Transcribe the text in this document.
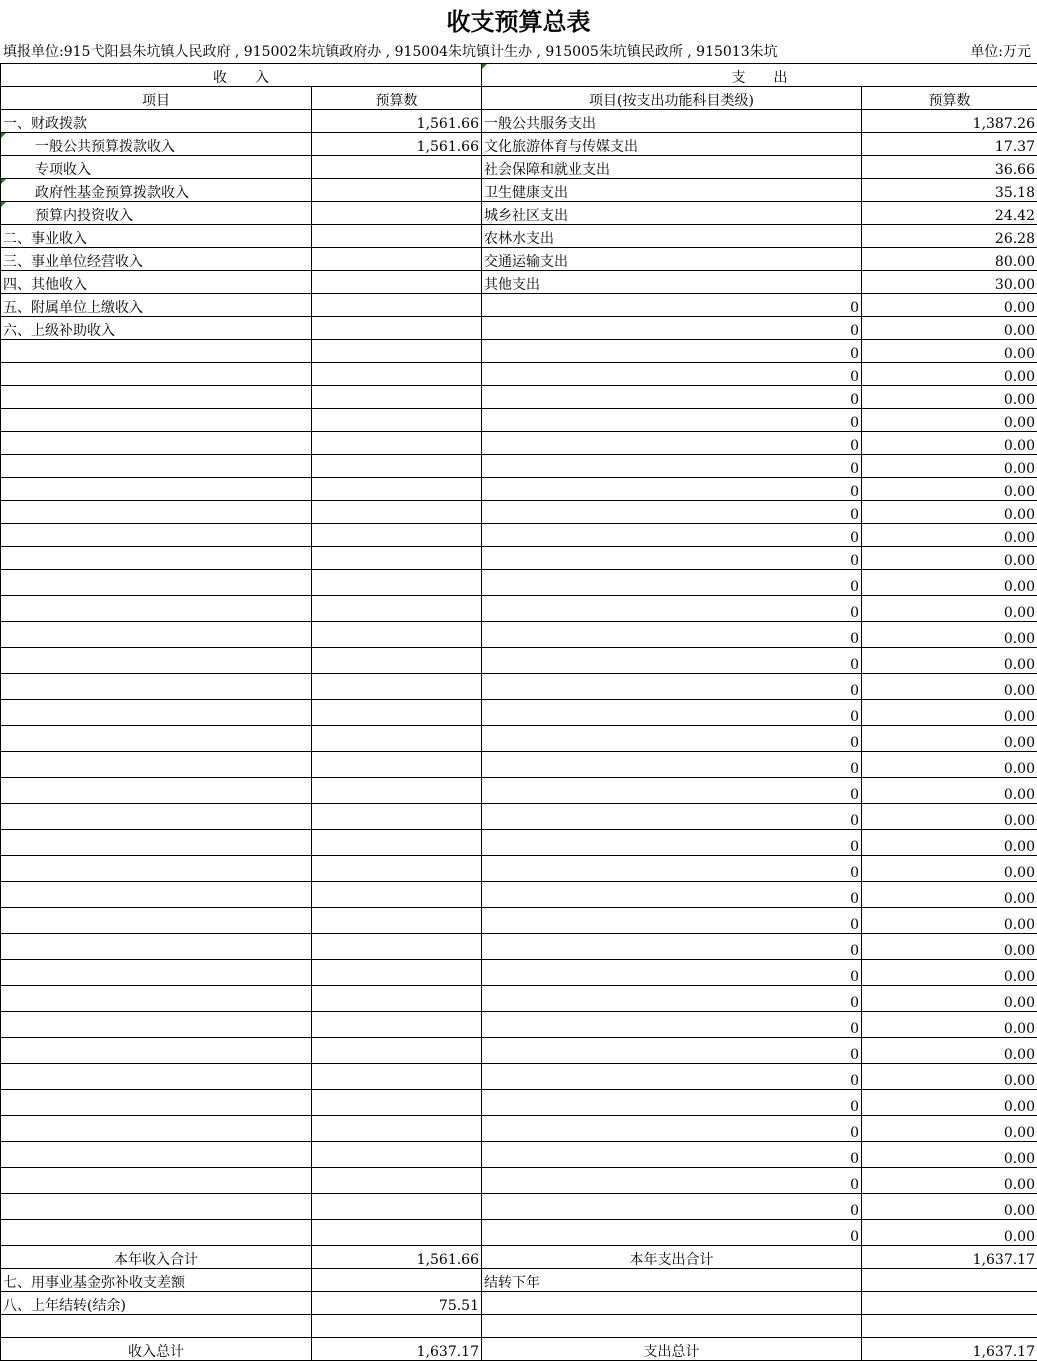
收支预算总表
填报单位:915弋阳县朱坑镇人民政府 , 915002朱坑镇政府办 , 915004朱坑镇计生办 , 915005朱坑镇民政所 , 915013朱坑	单位:万元
收　　入		支　　出	
项目	预算数	项目(按支出功能科目类级)	预算数
一、财政拨款	1,561.66	一般公共服务支出	1,387.26
一般公共预算拨款收入	1,561.66	文化旅游体育与传媒支出	17.37
专项收入		社会保障和就业支出	36.66
政府性基金预算拨款收入		卫生健康支出	35.18
预算内投资收入		城乡社区支出	24.42
二、事业收入		农林水支出	26.28
三、事业单位经营收入		交通运输支出	80.00
四、其他收入		其他支出	30.00
五、附属单位上缴收入		0	0.00
六、上级补助收入		0	0.00
		0	0.00
		0	0.00
		0	0.00
		0	0.00
		0	0.00
		0	0.00
		0	0.00
		0	0.00
		0	0.00
		0	0.00
		0	0.00
		0	0.00
		0	0.00
		0	0.00
		0	0.00
		0	0.00
		0	0.00
		0	0.00
		0	0.00
		0	0.00
		0	0.00
		0	0.00
		0	0.00
		0	0.00
		0	0.00
		0	0.00
		0	0.00
		0	0.00
		0	0.00
		0	0.00
		0	0.00
		0	0.00
		0	0.00
		0	0.00
		0	0.00
		0	0.00
本年收入合计	1,561.66	本年支出合计	1,637.17
七、用事业基金弥补收支差额		结转下年	
八、上年结转(结余)	75.51		

收入总计	1,637.17	支出总计	1,637.17
